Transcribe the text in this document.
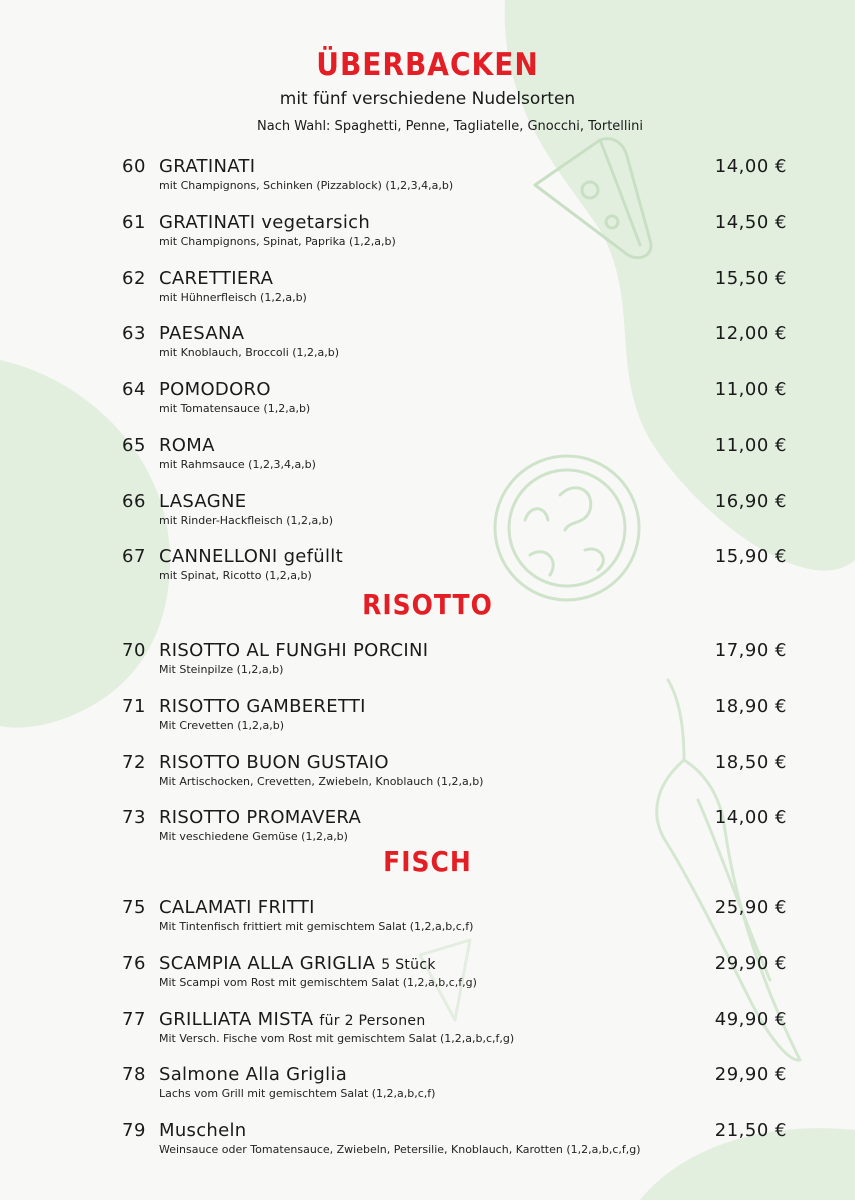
ÜBERBACKEN
mit fünf verschiedene Nudelsorten
Nach Wahl: Spaghetti, Penne, Tagliatelle, Gnocchi, Tortellini
60 GRATINATI
mit Champignons, Schinken (Pizzablock) (1,2,3,4,a,b)
14,00 €
61 GRATINATI vegetarsich
mit Champignons, Spinat, Paprika (1,2,a,b)
14,50 €
62 CARETTIERA
mit Hühnerfleisch (1,2,a,b)
15,50 €
63 PAESANA
mit Knoblauch, Broccoli (1,2,a,b)
12,00 €
64 POMODORO
mit Tomatensauce (1,2,a,b)
11,00 €
65 ROMA
mit Rahmsauce (1,2,3,4,a,b)
11,00 €
66 LASAGNE
mit Rinder-Hackfleisch (1,2,a,b)
16,90 €
67 CANNELLONI gefüllt
mit Spinat, Ricotto (1,2,a,b)
15,90 €
RISOTTO
70 RISOTTO AL FUNGHI PORCINI
Mit Steinpilze (1,2,a,b)
17,90 €
71 RISOTTO GAMBERETTI
Mit Crevetten (1,2,a,b)
18,90 €
72 RISOTTO BUON GUSTAIO
Mit Artischocken, Crevetten, Zwiebeln, Knoblauch (1,2,a,b)
18,50 €
73 RISOTTO PROMAVERA
Mit veschiedene Gemüse (1,2,a,b)
14,00 €
FISCH
75 CALAMATI FRITTI
Mit Tintenfisch frittiert mit gemischtem Salat (1,2,a,b,c,f)
25,90 €
76 SCAMPIA ALLA GRIGLIA 5 Stück
Mit Scampi vom Rost mit gemischtem Salat (1,2,a,b,c,f,g)
29,90 €
77 GRILLIATA MISTA für 2 Personen
Mit Versch. Fische vom Rost mit gemischtem Salat (1,2,a,b,c,f,g)
49,90 €
78 Salmone Alla Griglia
Lachs vom Grill mit gemischtem Salat (1,2,a,b,c,f)
29,90 €
79 Muscheln
Weinsauce oder Tomatensauce, Zwiebeln, Petersilie, Knoblauch, Karotten (1,2,a,b,c,f,g)
21,50 €
